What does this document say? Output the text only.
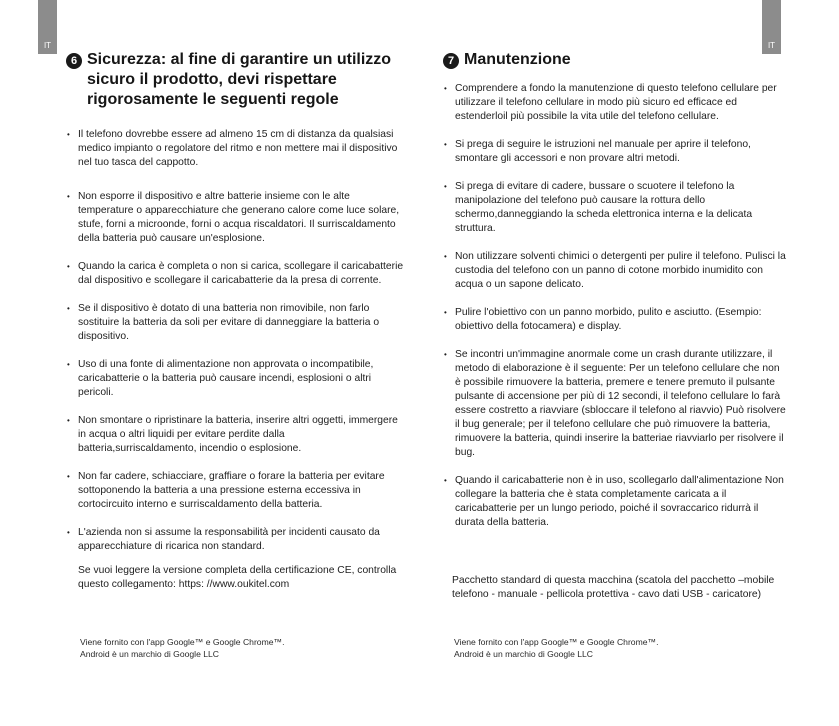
IT	IT
6 Sicurezza: al fine di garantire un utilizzo sicuro il prodotto, devi rispettare rigorosamente le seguenti regole
• Il telefono dovrebbe essere ad almeno 15 cm di distanza da qualsiasi medico impianto o regolatore del ritmo e non mettere mai il dispositivo nel tuo tasca del cappotto.
• Non esporre il dispositivo e altre batterie insieme con le alte temperature o apparecchiature che generano calore come luce solare, stufe, forni a microonde, forni o acqua riscaldatori. Il surriscaldamento della batteria può causare un'esplosione.
• Quando la carica è completa o non si carica, scollegare il caricabatterie dal dispositivo e scollegare il caricabatterie da la presa di corrente.
• Se il dispositivo è dotato di una batteria non rimovibile, non farlo sostituire la batteria da soli per evitare di danneggiare la batteria o dispositivo.
• Uso di una fonte di alimentazione non approvata o incompatibile, caricabatterie o la batteria può causare incendi, esplosioni o altri pericoli.
• Non smontare o ripristinare la batteria, inserire altri oggetti, immergere in acqua o altri liquidi per evitare perdite dalla batteria,surriscaldamento, incendio o esplosione.
• Non far cadere, schiacciare, graffiare o forare la batteria per evitare sottoponendo la batteria a una pressione esterna eccessiva in cortocircuito interno e surriscaldamento della batteria.
• L'azienda non si assume la responsabilità per incidenti causato da apparecchiature di ricarica non standard.
Se vuoi leggere la versione completa della certificazione CE, controlla questo collegamento: https: //www.oukitel.com
7 Manutenzione
• Comprendere a fondo la manutenzione di questo telefono cellulare per utilizzare il telefono cellulare in modo più sicuro ed efficace ed estenderloil più possibile la vita utile del telefono cellulare.
• Si prega di seguire le istruzioni nel manuale per aprire il telefono, smontare gli accessori e non provare altri metodi.
• Si prega di evitare di cadere, bussare o scuotere il telefono la manipolazione del telefono può causare la rottura dello schermo,danneggiando la scheda elettronica interna e la delicata struttura.
• Non utilizzare solventi chimici o detergenti per pulire il telefono. Pulisci la custodia del telefono con un panno di cotone morbido inumidito con acqua o un sapone delicato.
• Pulire l'obiettivo con un panno morbido, pulito e asciutto. (Esempio: obiettivo della fotocamera) e display.
• Se incontri un'immagine anormale come un crash durante utilizzare, il metodo di elaborazione è il seguente: Per un telefono cellulare che non è possibile rimuovere la batteria, premere e tenere premuto il pulsante pulsante di accensione per più di 12 secondi, il telefono cellulare lo farà essere costretto a riavviare (sbloccare il telefono al riavvio) Può risolvere il bug generale; per il telefono cellulare che può rimuovere la batteria, rimuovere la batteria, quindi inserire la batteriae riavviarlo per risolvere il bug.
• Quando il caricabatterie non è in uso, scollegarlo dall'alimentazione Non collegare la batteria che è stata completamente caricata a il caricabatterie per un lungo periodo, poiché il sovraccarico ridurrà il durata della batteria.
Pacchetto standard di questa macchina (scatola del pacchetto –mobile telefono - manuale - pellicola protettiva - cavo dati USB - caricatore)
Viene fornito con l'app Google™ e Google Chrome™.
Android è un marchio di Google LLC
Viene fornito con l'app Google™ e Google Chrome™.
Android è un marchio di Google LLC
